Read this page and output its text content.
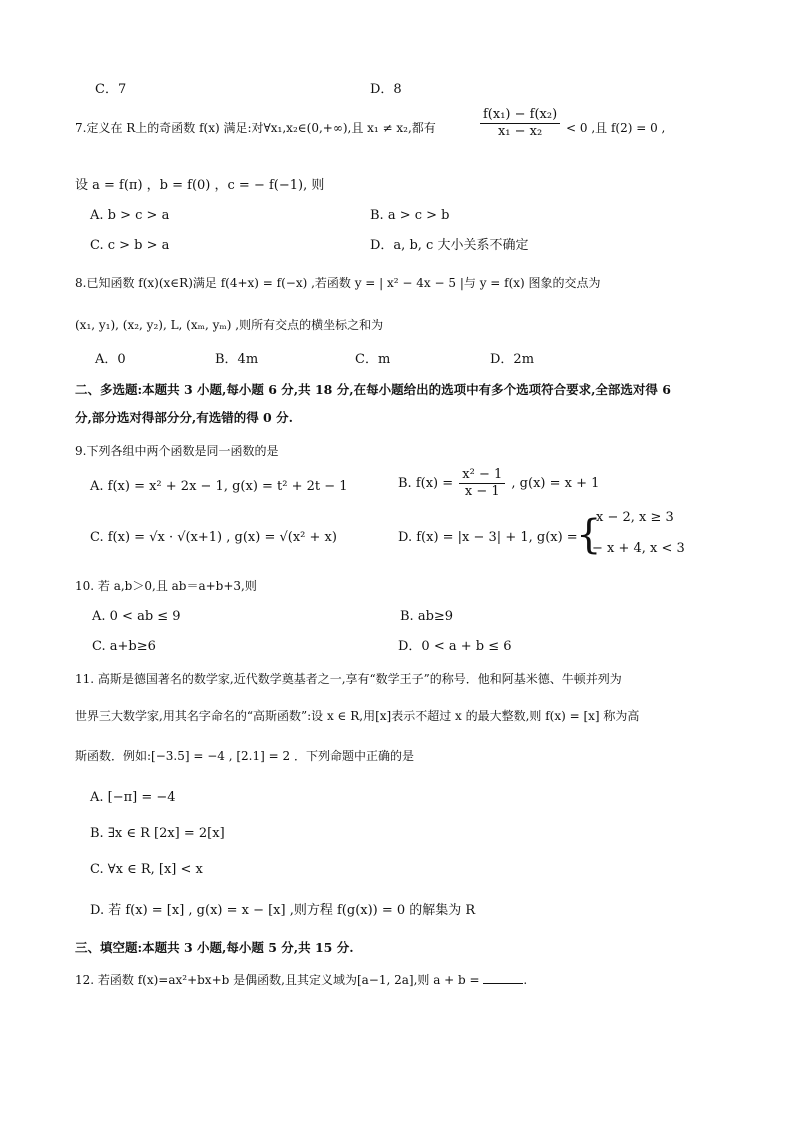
C．7	D．8
7.定义在 R上的奇函数 f(x) 满足:对∀x₁,x₂∈(0,+∞),且 x₁ ≠ x₂,都有	$\frac{\text{f(x₁) − f(x₂)}}{\text{x₁ − x₂}} < 0$ ,且 f(2) = 0 ,
设 a = f(π) ，b = f(0) ，c = − f(−1), 则
A. b > c > a	B. a > c > b
C. c > b > a	D．a, b, c 大小关系不确定
8.已知函数 f(x)(x∈R)满足 f(4+x) = f(−x) ,若函数 y = | x² − 4x − 5 |与 y = f(x) 图象的交点为
(x₁, y₁), (x₂, y₂), L, (xₘ, yₘ) ,则所有交点的横坐标之和为
A．0	B．4m	C．m	D．2m
二、多选题:本题共 3 小题,每小题 6 分,共 18 分,在每小题给出的选项中有多个选项符合要求,全部选对得 6
分,部分选对得部分分,有选错的得 0 分.
9.下列各组中两个函数是同一函数的是
A. f(x) = x² + 2x − 1, g(x) = t² + 2t − 1	B. $f(x) = \frac{\text{x² − 1}}{x - 1}$ , g(x) = x + 1
C. f(x) = √x · √(x+1) , g(x) = √(x² + x)	D. f(x) = |x − 3| + 1, g(x) =
{
x − 2, x ≥ 3
− x + 4, x < 3
10. 若 a,b＞0,且 ab＝a+b+3,则
A. 0 < ab ≤ 9	B. ab≥9
C. a+b≥6	D．0 < a + b ≤ 6
11. 高斯是德国著名的数学家,近代数学奠基者之一,享有“数学王子”的称号．他和阿基米德、牛顿并列为
世界三大数学家,用其名字命名的“高斯函数”:设 x ∈ R,用[x]表示不超过 x 的最大整数,则 f(x) = [x] 称为高
斯函数．例如:[−3.5] = −4 , [2.1] = 2 ．下列命题中正确的是
A. [−π] = −4
B. ∃x ∈ R [2x] = 2[x]
C. ∀x ∈ R, [x] < x
D. 若 f(x) = [x] , g(x) = x − [x] ,则方程 f(g(x)) = 0 的解集为 R
三、填空题:本题共 3 小题,每小题 5 分,共 15 分.
12. 若函数 f(x)=ax²+bx+b 是偶函数,且其定义域为[a−1, 2a],则 a + b =	.
